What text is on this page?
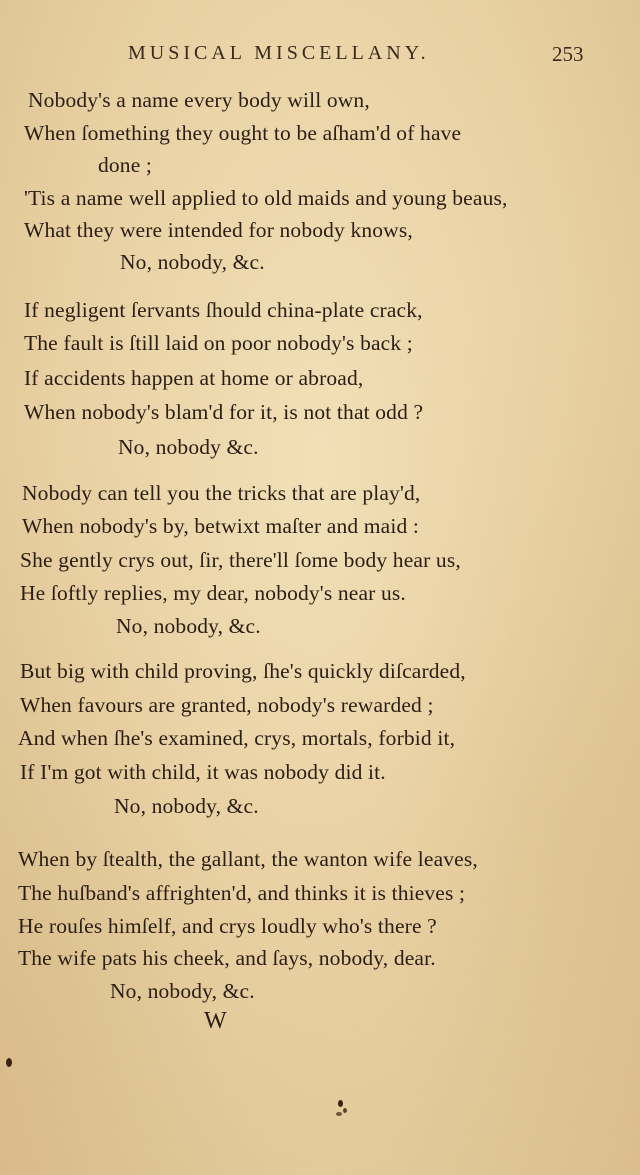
MUSICAL MISCELLANY.	253
Nobody's a name every body will own,
When ſomething they ought to be aſham'd of have
done ;
'Tis a name well applied to old maids and young beaus,
What they were intended for nobody knows,
No, nobody, &c.
If negligent ſervants ſhould china-plate crack,
The fault is ſtill laid on poor nobody's back ;
If accidents happen at home or abroad,
When nobody's blam'd for it, is not that odd ?
No, nobody &c.
Nobody can tell you the tricks that are play'd,
When nobody's by, betwixt maſter and maid :
She gently crys out, ſir, there'll ſome body hear us,
He ſoftly replies, my dear, nobody's near us.
No, nobody, &c.
But big with child proving, ſhe's quickly diſcarded,
When favours are granted, nobody's rewarded ;
And when ſhe's examined, crys, mortals, forbid it,
If I'm got with child, it was nobody did it.
No, nobody, &c.
When by ſtealth, the gallant, the wanton wife leaves,
The huſband's affrighten'd, and thinks it is thieves ;
He rouſes himſelf, and crys loudly who's there ?
The wife pats his cheek, and ſays, nobody, dear.
No, nobody, &c.
W
